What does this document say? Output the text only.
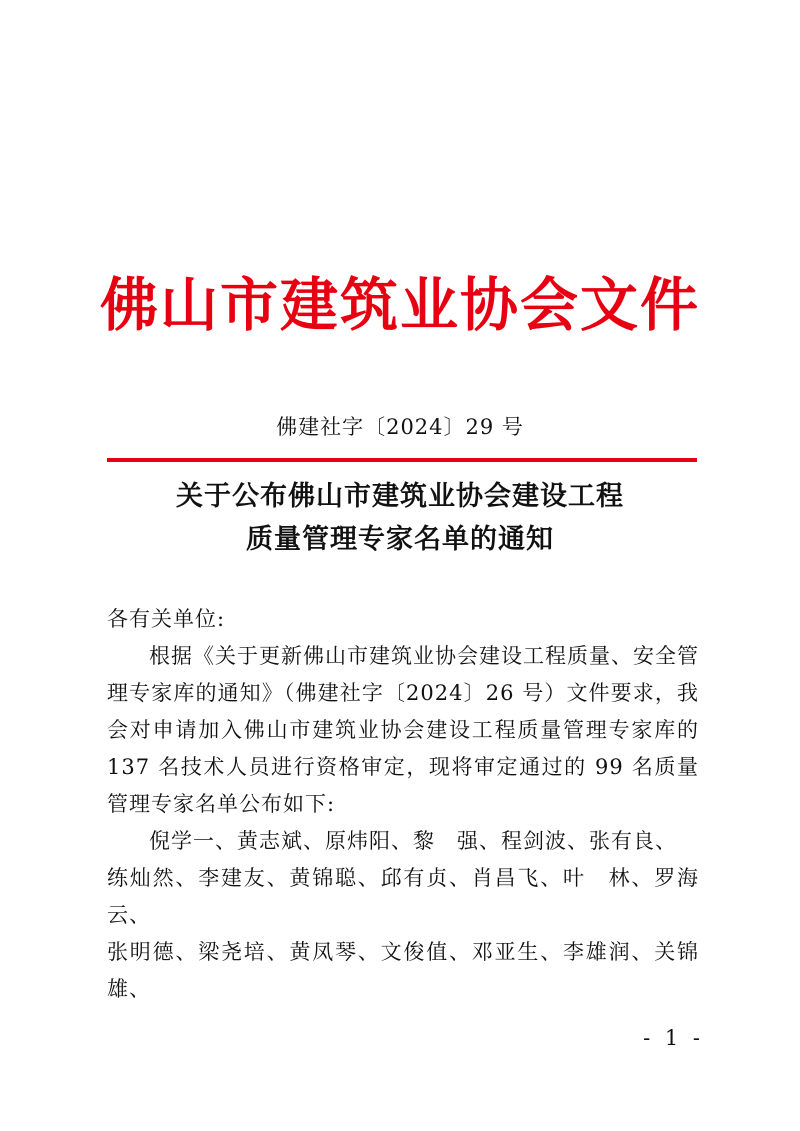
佛山市建筑业协会文件
佛建社字〔2024〕29 号
关于公布佛山市建筑业协会建设工程
质量管理专家名单的通知

各有关单位:

根据《关于更新佛山市建筑业协会建设工程质量、安全管理专家库的通知》（佛建社字〔2024〕26 号）文件要求，我会对申请加入佛山市建筑业协会建设工程质量管理专家库的 137 名技术人员进行资格审定，现将审定通过的 99 名质量管理专家名单公布如下:

倪学一、黄志斌、原炜阳、黎　强、程剑波、张有良、

练灿然、李建友、黄锦聪、邱有贞、肖昌飞、叶　林、罗海云、

张明德、梁尧培、黄凤琴、文俊值、邓亚生、李雄润、关锦雄、

- 1 -
